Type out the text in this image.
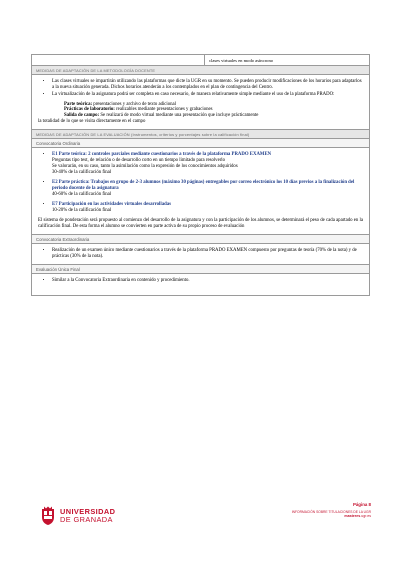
clases virtuales en modo asíncrono
MEDIDAS DE ADAPTACIÓN DE LA METODOLOGÍA DOCENTE
• Las clases virtuales se impartirán utilizando las plataformas que dicte la UGR en su momento. Se pueden producir modificaciones de los horarios para adaptarlos a la nueva situación generada. Dichos horarios atenderán a los contemplados en el plan de contingencia del Centro.
• La virtualización de la asignatura podrá ser completa en caso necesario, de manera relativamente simple mediante el uso de la plataforma PRADO:
Parte teórica: presentaciones y archivo de texto adicional
Prácticas de laboratorio: realizables mediante presentaciones y grabaciones
Salida de campo: Se realizará de modo virtual mediante una presentación que incluye prácticamente
la totalidad de lo que se visita directamente en el campo
MEDIDAS DE ADAPTACIÓN DE LA EVALUACIÓN (Instrumentos, criterios y porcentajes sobre la calificación final)
Convocatoria Ordinaria
• E1 Parte teórica: 2 controles parciales mediante cuestionarios a través de la plataforma PRADO EXAMEN
Preguntas tipo test, de relación o de desarrollo corto en un tiempo limitado para resolverlo
Se valorarán, en su caso, tanto la asimilación como la expresión de los conocimientos adquiridos
30-40% de la calificación final
• E2 Parte práctica: Trabajos en grupo de 2-3 alumnos (máximo 30 páginas) entregables por correo electrónico los 10 días previos a la finalización del periodo docente de la asignatura
40-60% de la calificación final
• E7 Participación en las actividades virtuales desarrolladas
10-20% de la calificación final
El sistema de ponderación será propuesto al comienzo del desarrollo de la asignatura y con la participación de los alumnos, se determinará el peso de cada apartado en la calificación final. De esta forma el alumno se convierten en parte activa de su propio proceso de evaluación
Convocatoria Extraordinaria
• Realización de un examen único mediante cuestionarios a través de la plataforma PRADO EXAMEN compuesto por preguntas de teoría (70% de la nota) y de prácticas (30% de la nota).
Evaluación Única Final
• Similar a la Convocatoria Extraordinaria en contenido y procedimiento.
UNIVERSIDAD
DE GRANADA
Página 8
INFORMACIÓN SOBRE TITULACIONES DE LA UGR
masteres.ugr.es
